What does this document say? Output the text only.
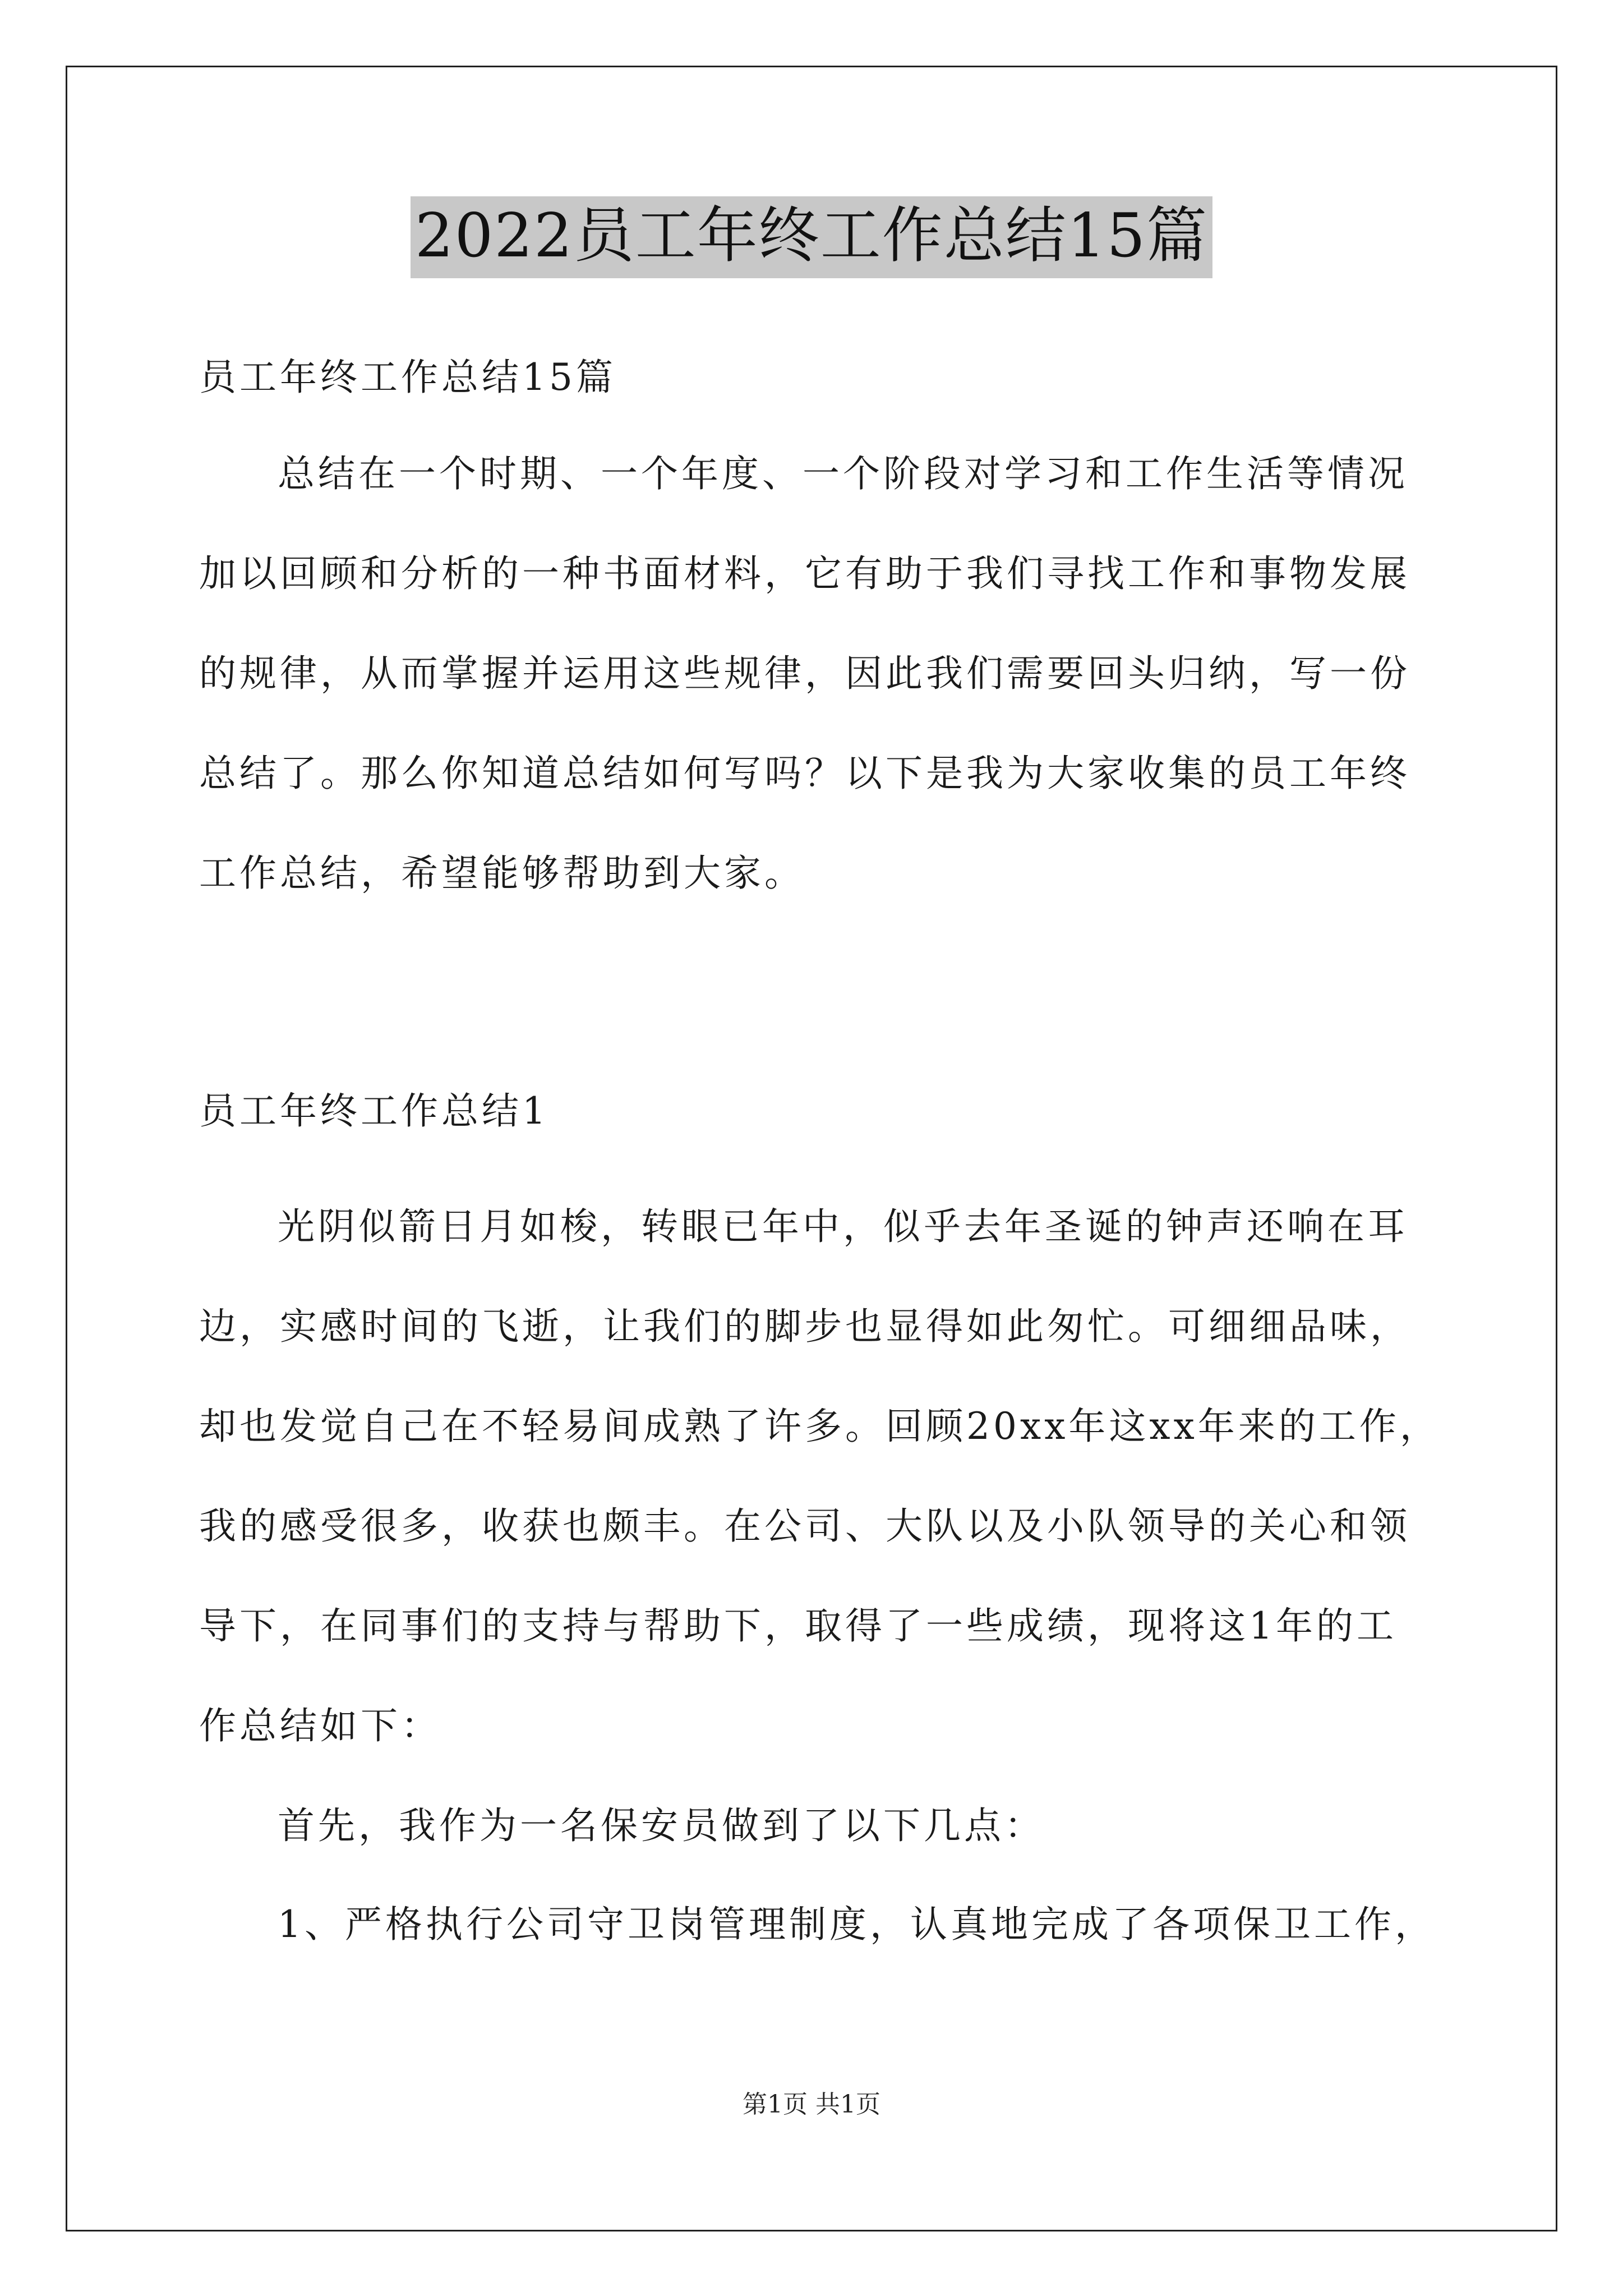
2022员工年终工作总结15篇
员工年终工作总结15篇
总结在一个时期、一个年度、一个阶段对学习和工作生活等情况
加以回顾和分析的一种书面材料，它有助于我们寻找工作和事物发展
的规律，从而掌握并运用这些规律，因此我们需要回头归纳，写一份
总结了。那么你知道总结如何写吗？以下是我为大家收集的员工年终
工作总结，希望能够帮助到大家。
员工年终工作总结1
光阴似箭日月如梭，转眼已年中，似乎去年圣诞的钟声还响在耳
边，实感时间的飞逝，让我们的脚步也显得如此匆忙。可细细品味，
却也发觉自己在不轻易间成熟了许多。回顾20xx年这xx年来的工作，
我的感受很多，收获也颇丰。在公司、大队以及小队领导的关心和领
导下，在同事们的支持与帮助下，取得了一些成绩，现将这1年的工
作总结如下：
首先，我作为一名保安员做到了以下几点：
1、严格执行公司守卫岗管理制度，认真地完成了各项保卫工作，
第1页 共1页
